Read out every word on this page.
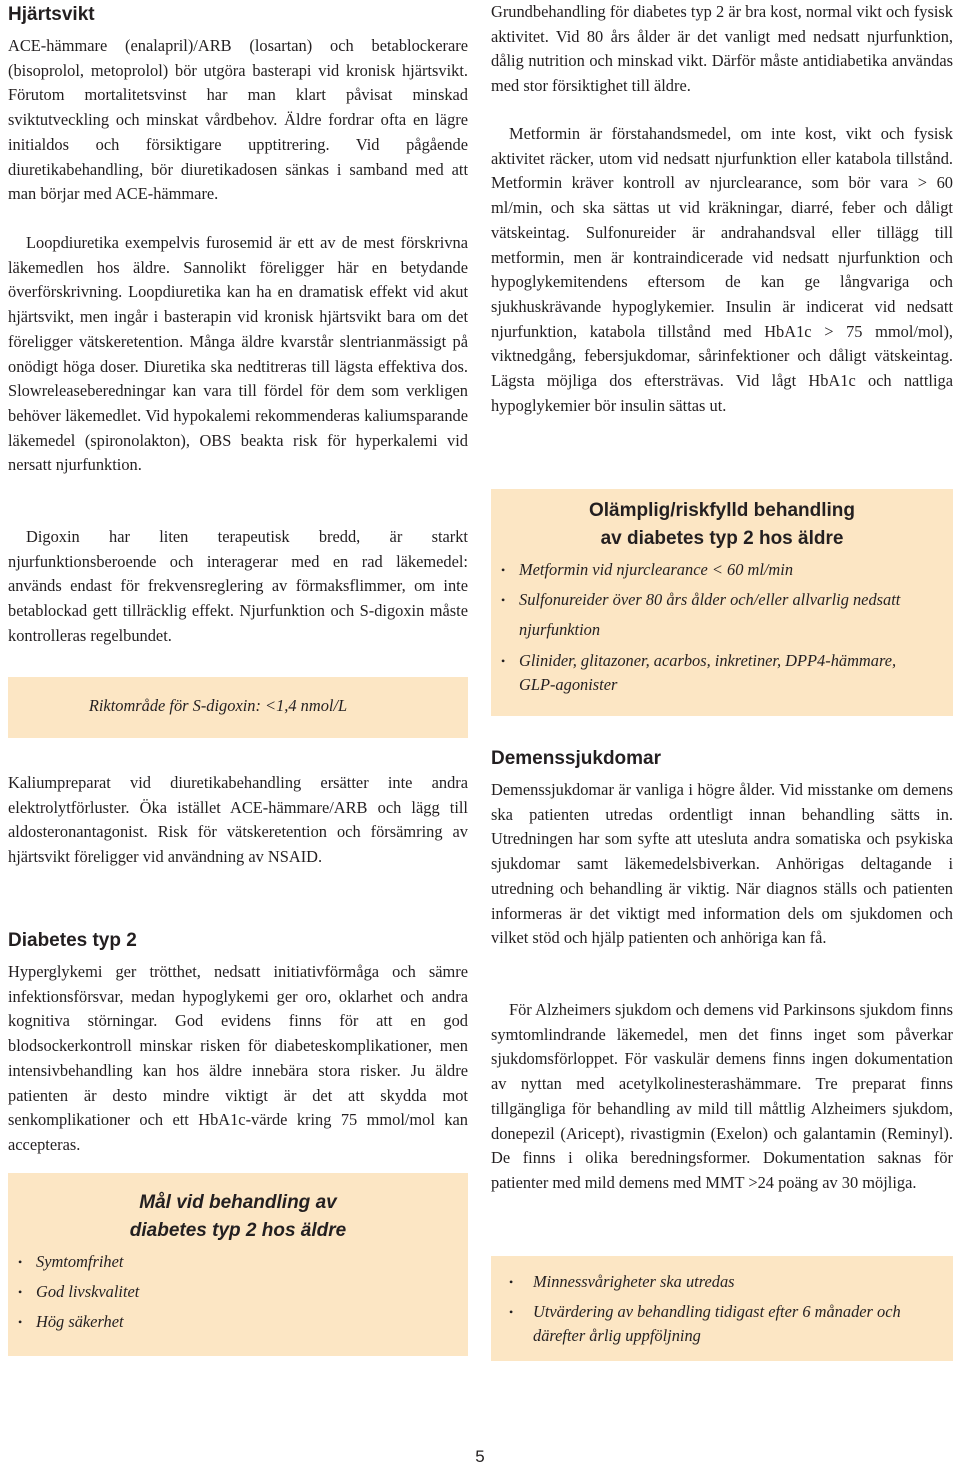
Hjärtsvikt

ACE-hämmare (enalapril)/ARB (losartan) och betablockerare (bisoprolol, metoprolol) bör utgöra basterapi vid kronisk hjärtsvikt. Förutom mortalitetsvinst har man klart påvisat minskad sviktutveckling och minskat vårdbehov. Äldre fordrar ofta en lägre initialdos och försiktigare upptitrering. Vid pågående diuretikabehandling, bör diuretikadosen sänkas i samband med att man börjar med ACE-hämmare.

Loopdiuretika exempelvis furosemid är ett av de mest förskrivna läkemedlen hos äldre. Sannolikt föreligger här en betydande överförskrivning. Loopdiuretika kan ha en dramatisk effekt vid akut hjärtsvikt, men ingår i basterapin vid kronisk hjärtsvikt bara om det föreligger vätskeretention. Många äldre kvarstår slentrianmässigt på onödigt höga doser. Diuretika ska nedtitreras till lägsta effektiva dos. Slowreleaseberedningar kan vara till fördel för dem som verkligen behöver läkemedlet. Vid hypokalemi rekommenderas kaliumsparande läkemedel (spironolakton), OBS beakta risk för hyperkalemi vid nersatt njurfunktion.

Digoxin har liten terapeutisk bredd, är starkt njurfunktionsberoende och interagerar med en rad läkemedel: används endast för frekvensreglering av förmaksflimmer, om inte betablockad gett tillräcklig effekt. Njurfunktion och S-digoxin måste kontrolleras regelbundet.

Riktområde för S-digoxin: <1,4 nmol/L

Kaliumpreparat vid diuretikabehandling ersätter inte andra elektrolytförluster. Öka istället ACE-hämmare/ARB och lägg till aldosteronantagonist. Risk för vätskeretention och försämring av hjärtsvikt föreligger vid användning av NSAID.

Diabetes typ 2

Hyperglykemi ger trötthet, nedsatt initiativförmåga och sämre infektionsförsvar, medan hypoglykemi ger oro, oklarhet och andra kognitiva störningar. God evidens finns för att en god blodsockerkontroll minskar risken för diabeteskomplikationer, men intensivbehandling kan hos äldre innebära stora risker. Ju äldre patienten är desto mindre viktigt är det att skydda mot senkomplikationer och ett HbA1c-värde kring 75 mmol/mol kan accepteras.

Mål vid behandling av
diabetes typ 2 hos äldre
• Symtomfrihet
• God livskvalitet
• Hög säkerhet

Grundbehandling för diabetes typ 2 är bra kost, normal vikt och fysisk aktivitet. Vid 80 års ålder är det vanligt med nedsatt njurfunktion, dålig nutrition och minskad vikt. Därför måste antidiabetika användas med stor försiktighet till äldre.

Metformin är förstahandsmedel, om inte kost, vikt och fysisk aktivitet räcker, utom vid nedsatt njurfunktion eller katabola tillstånd. Metformin kräver kontroll av njurclearance, som bör vara > 60 ml/min, och ska sättas ut vid kräkningar, diarré, feber och dåligt vätskeintag. Sulfonureider är andrahandsval eller tillägg till metformin, men är kontraindicerade vid nedsatt njurfunktion och hypoglykemitendens eftersom de kan ge långvariga och sjukhuskrävande hypoglykemier. Insulin är indicerat vid nedsatt njurfunktion, katabola tillstånd med HbA1c > 75 mmol/mol), viktnedgång, febersjukdomar, sårinfektioner och dåligt vätskeintag. Lägsta möjliga dos eftersträvas. Vid lågt HbA1c och nattliga hypoglykemier bör insulin sättas ut.

Olämplig/riskfylld behandling
av diabetes typ 2 hos äldre
• Metformin vid njurclearance < 60 ml/min
• Sulfonureider över 80 års ålder och/eller allvarlig nedsatt njurfunktion
• Glinider, glitazoner, acarbos, inkretiner, DPP4-hämmare, GLP-agonister
Demenssjukdomar

Demenssjukdomar är vanliga i högre ålder. Vid misstanke om demens ska patienten utredas ordentligt innan behandling sätts in. Utredningen har som syfte att utesluta andra somatiska och psykiska sjukdomar samt läkemedelsbiverkan. Anhörigas deltagande i utredning och behandling är viktig. När diagnos ställs och patienten informeras är det viktigt med information dels om sjukdomen och vilket stöd och hjälp patienten och anhöriga kan få.

För Alzheimers sjukdom och demens vid Parkinsons sjukdom finns symtomlindrande läkemedel, men det finns inget som påverkar sjukdomsförloppet. För vaskulär demens finns ingen dokumentation av nyttan med acetylkolinesterashämmare. Tre preparat finns tillgängliga för behandling av mild till måttlig Alzheimers sjukdom, donepezil (Aricept), rivastigmin (Exelon) och galantamin (Reminyl). De finns i olika beredningsformer. Dokumentation saknas för patienter med mild demens med MMT >24 poäng av 30 möjliga.

• Minnessvårigheter ska utredas
• Utvärdering av behandling tidigast efter 6 månader och därefter årlig uppföljning
5
